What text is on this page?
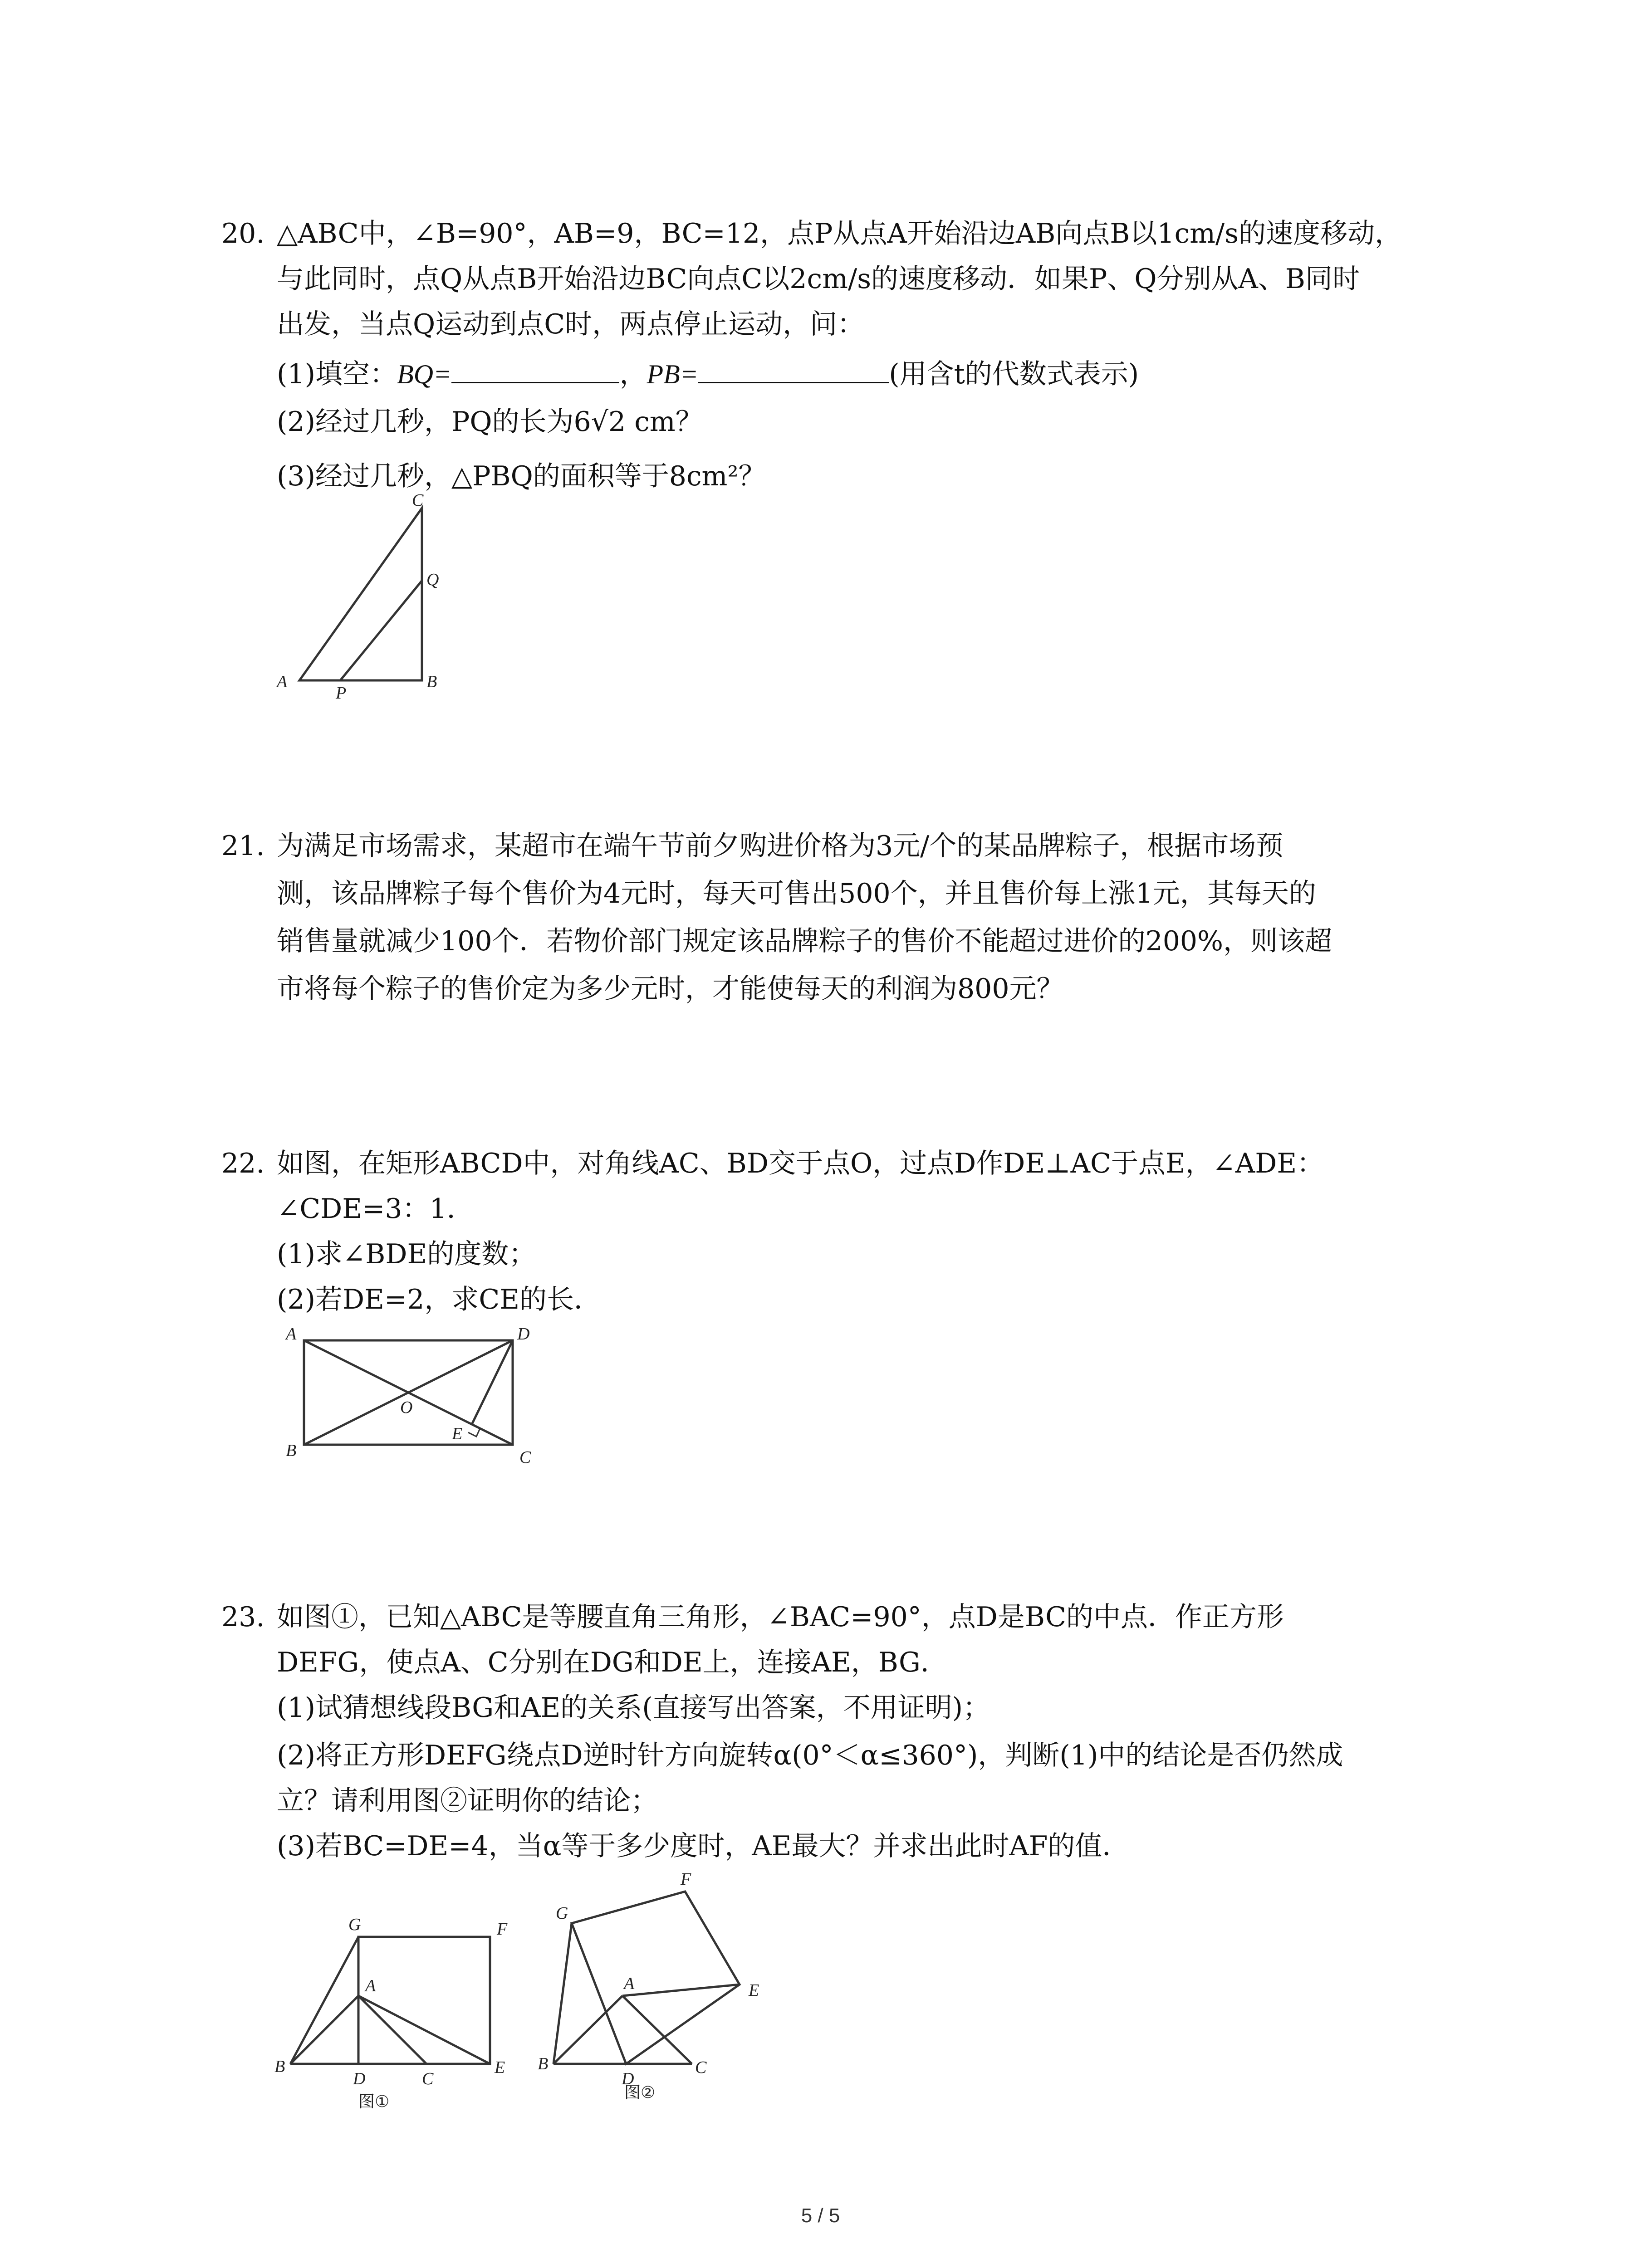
20. △ABC中，∠B=90°，AB=9，BC=12，点P从点A开始沿边AB向点B以1cm/s的速度移动，
与此同时，点Q从点B开始沿边BC向点C以2cm/s的速度移动．如果P、Q分别从A、B同时
出发，当点Q运动到点C时，两点停止运动，问：
(1)填空：BQ=	，PB=	(用含t的代数式表示)
(2)经过几秒，PQ的长为6√2 cm？
(3)经过几秒，△PBQ的面积等于8cm²？
A	B
C
P
Q
21. 为满足市场需求，某超市在端午节前夕购进价格为3元/个的某品牌粽子，根据市场预
测，该品牌粽子每个售价为4元时，每天可售出500个，并且售价每上涨1元，其每天的
销售量就减少100个．若物价部门规定该品牌粽子的售价不能超过进价的200%，则该超
市将每个粽子的售价定为多少元时，才能使每天的利润为800元？
22. 如图，在矩形ABCD中，对角线AC、BD交于点O，过点D作DE⊥AC于点E，∠ADE：
∠CDE=3：1．
(1)求∠BDE的度数；
(2)若DE=2，求CE的长．
A
B	C
D
E
O
23. 如图①，已知△ABC是等腰直角三角形，∠BAC=90°，点D是BC的中点．作正方形
DEFG，使点A、C分别在DG和DE上，连接AE，BG．
(1)试猜想线段BG和AE的关系(直接写出答案，不用证明)；
(2)将正方形DEFG绕点D逆时针方向旋转α(0°＜α≤360°)，判断(1)中的结论是否仍然成
立？请利用图②证明你的结论；
(3)若BC=DE=4，当α等于多少度时，AE最大？并求出此时AF的值．
G	F
A
B
D	C
E
图①
G
F
E
A
B
D
C
图②
5 / 5
